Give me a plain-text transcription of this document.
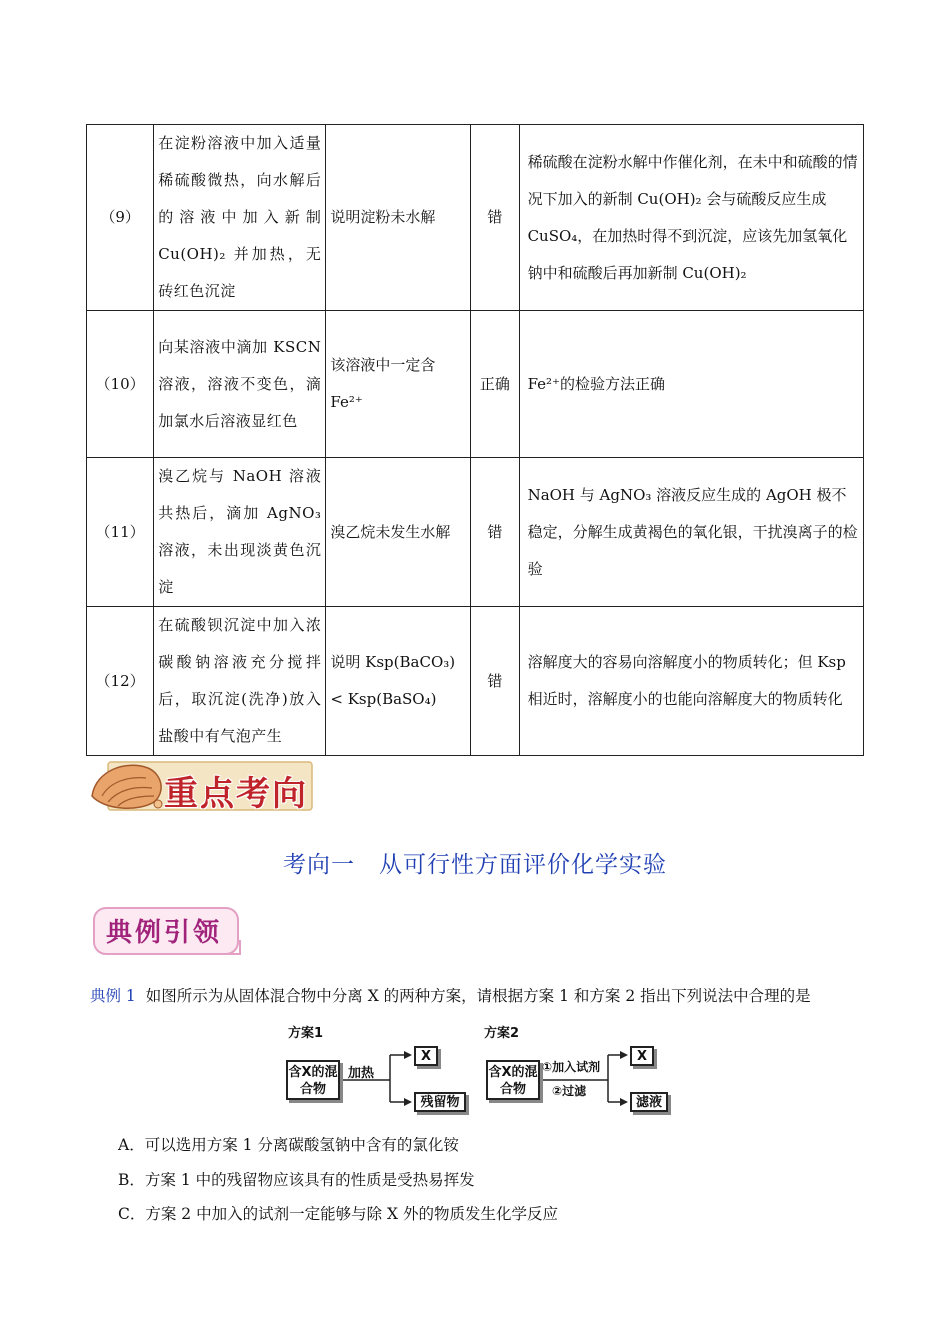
（9）	在淀粉溶液中加入适量稀硫酸微热，向水解后的溶液中加入新制 Cu(OH)₂ 并加热，无砖红色沉淀	说明淀粉未水解	错	稀硫酸在淀粉水解中作催化剂，在未中和硫酸的情况下加入的新制 Cu(OH)₂ 会与硫酸反应生成 CuSO₄，在加热时得不到沉淀，应该先加氢氧化钠中和硫酸后再加新制 Cu(OH)₂
（10）	向某溶液中滴加 KSCN 溶液，溶液不变色，滴加氯水后溶液显红色	该溶液中一定含 Fe²⁺	正确	Fe²⁺的检验方法正确
（11）	溴乙烷与 NaOH 溶液共热后，滴加 AgNO₃ 溶液，未出现淡黄色沉淀	溴乙烷未发生水解	错	NaOH 与 AgNO₃ 溶液反应生成的 AgOH 极不稳定，分解生成黄褐色的氧化银，干扰溴离子的检验
（12）	在硫酸钡沉淀中加入浓碳酸钠溶液充分搅拌后，取沉淀(洗净)放入盐酸中有气泡产生	说明 Ksp(BaCO₃)< Ksp(BaSO₄)	错	溶解度大的容易向溶解度小的物质转化；但 Ksp 相近时，溶解度小的也能向溶解度大的物质转化
重点考向
考向一　从可行性方面评价化学实验
典例引领
典例 1 如图所示为从固体混合物中分离 X 的两种方案，请根据方案 1 和方案 2 指出下列说法中合理的是
方案1
含X的混合物
加热
X
残留物
方案2
含X的混合物
①加入试剂
②过滤
X
滤液
A．可以选用方案 1 分离碳酸氢钠中含有的氯化铵
B．方案 1 中的残留物应该具有的性质是受热易挥发
C．方案 2 中加入的试剂一定能够与除 X 外的物质发生化学反应
